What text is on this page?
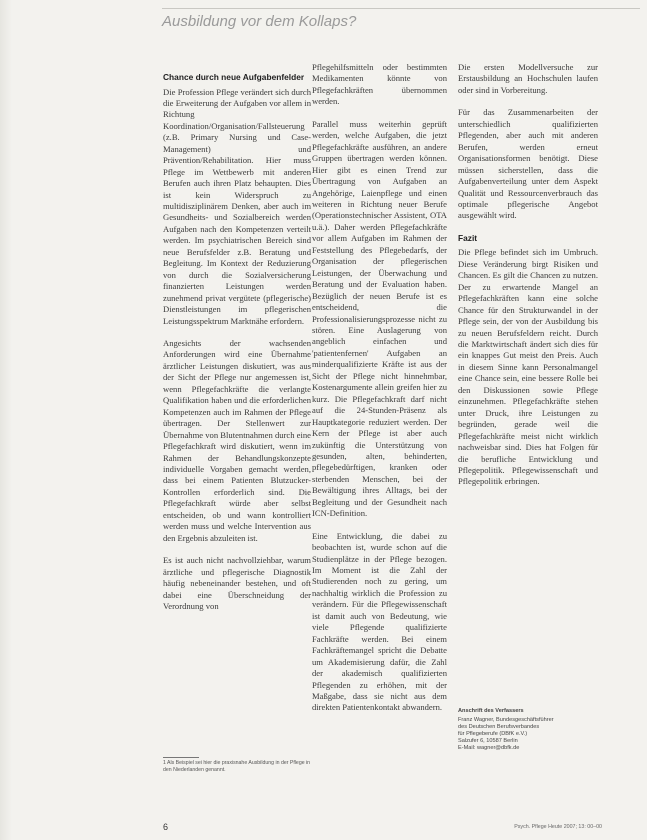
Ausbildung vor dem Kollaps?
Chance durch neue Aufgabenfelder

Die Profession Pflege verändert sich durch die Erweiterung der Aufgaben vor allem in Richtung Koordination/Organisation/Fallsteuerung (z.B. Primary Nursing und Case-Management) und Prävention/Rehabilitation. Hier muss Pflege im Wettbewerb mit anderen Berufen auch ihren Platz behaupten. Dies ist kein Widerspruch zu multidisziplinärem Denken, aber auch im Gesundheits- und Sozialbereich werden Aufgaben nach den Kompetenzen verteilt werden. Im psychiatrischen Bereich sind neue Berufsfelder z.B. Beratung und Begleitung. Im Kontext der Reduzierung von durch die Sozialversicherung finanzierten Leistungen werden zunehmend privat vergütete (pflegerische) Dienstleistungen im pflegerischen Leistungsspektrum Marktnähe erfordern.

Angesichts der wachsenden Anforderungen wird eine Übernahme ärztlicher Leistungen diskutiert, was aus der Sicht der Pflege nur angemessen ist, wenn Pflegefachkräfte die verlangte Qualifikation haben und die erforderlichen Kompetenzen auch im Rahmen der Pflege übertragen. Der Stellenwert zur Übernahme von Blutentnahmen durch eine Pflegefachkraft wird diskutiert, wenn im Rahmen der Behandlungskonzepte individuelle Vorgaben gemacht werden, dass bei einem Patienten Blutzucker-Kontrollen erforderlich sind. Die Pflegefachkraft würde aber selbst entscheiden, ob und wann kontrolliert werden muss und welche Intervention aus den Ergebnis abzuleiten ist.

Es ist auch nicht nachvollziehbar, warum ärztliche und pflegerische Diagnostik häufig nebeneinander bestehen, und oft dabei eine Überschneidung der Verordnung von

1 Als Beispiel sei hier die praxisnahe Ausbildung in der Pflege in den Niederlanden genannt.

Pflegehilfsmitteln oder bestimmten Medikamenten könnte von Pflegefachkräften übernommen werden.

Parallel muss weiterhin geprüft werden, welche Aufgaben, die jetzt Pflegefachkräfte ausführen, an andere Gruppen übertragen werden können. Hier gibt es einen Trend zur Übertragung von Aufgaben an Angehörige, Laienpflege und einen weiteren in Richtung neuer Berufe (Operationstechnischer Assistent, OTA u.ä.). Daher werden Pflegefachkräfte vor allem Aufgaben im Rahmen der Feststellung des Pflegebedarfs, der Organisation der pflegerischen Leistungen, der Überwachung und Beratung und der Evaluation haben. Bezüglich der neuen Berufe ist es entscheidend, die Professionalisierungsprozesse nicht zu stören. Eine Auslagerung von angeblich einfachen und 'patientenfernen' Aufgaben an minderqualifizierte Kräfte ist aus der Sicht der Pflege nicht hinnehmbar, Kostenargumente allein greifen hier zu kurz. Die Pflegefachkraft darf nicht auf die 24-Stunden-Präsenz als Hauptkategorie reduziert werden. Der Kern der Pflege ist aber auch zukünftig die Unterstützung von gesunden, alten, behinderten, pflegebedürftigen, kranken oder sterbenden Menschen, bei der Bewältigung ihres Alltags, bei der Begleitung und der Gesundheit nach ICN-Definition.

Eine Entwicklung, die dabei zu beobachten ist, wurde schon auf die Studienplätze in der Pflege bezogen. Im Moment ist die Zahl der Studierenden noch zu gering, um nachhaltig wirklich die Profession zu verändern. Für die Pflegewissenschaft ist damit auch von Bedeutung, wie viele Pflegende qualifizierte Fachkräfte werden. Bei einem Fachkräftemangel spricht die Debatte um Akademisierung dafür, die Zahl der akademisch qualifizierten Pflegenden zu erhöhen, mit der Maßgabe, dass sie nicht aus dem direkten Patientenkontakt abwandern.

Die ersten Modellversuche zur Erstausbildung an Hochschulen laufen oder sind in Vorbereitung.

Für das Zusammenarbeiten der unterschiedlich qualifizierten Pflegenden, aber auch mit anderen Berufen, werden erneut Organisationsformen benötigt. Diese müssen sicherstellen, dass die Aufgabenverteilung unter dem Aspekt Qualität und Ressourcenverbrauch das optimale pflegerische Angebot ausgewählt wird.

Fazit

Die Pflege befindet sich im Umbruch. Diese Veränderung birgt Risiken und Chancen. Es gilt die Chancen zu nutzen. Der zu erwartende Mangel an Pflegefachkräften kann eine solche Chance für den Strukturwandel in der Pflege sein, der von der Ausbildung bis zu neuen Berufsfeldern reicht. Durch die Marktwirtschaft ändert sich dies für ein knappes Gut meist den Preis. Auch in diesem Sinne kann Personalmangel eine Chance sein, eine bessere Rolle bei den Diskussionen sowie Pflege einzunehmen. Pflegefachkräfte stehen unter Druck, ihre Leistungen zu begründen, gerade weil die Pflegefachkräfte meist nicht wirklich nachweisbar sind. Dies hat Folgen für die berufliche Entwicklung und Pflegepolitik. Pflegewissenschaft und Pflegepolitik erbringen.

Anschrift des Verfassers
Franz Wagner, Bundesgeschäftsführer
des Deutschen Berufsverbandes
für Pflegeberufe (DBfK e.V.)
Salzufer 6, 10587 Berlin
E-Mail: wagner@dbfk.de
6	Psych. Pflege Heute 2007; 13: 00–00
